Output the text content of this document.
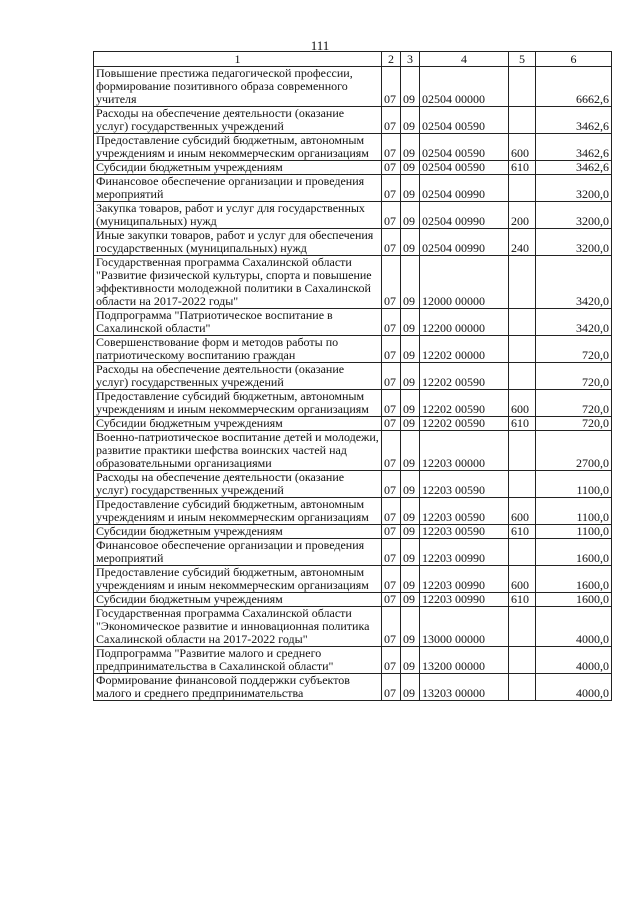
111
1	2	3	4	5	6
Повышение престижа педагогической профессии, формирование позитивного образа современного учителя	07	09	02504 00000		6662,6
Расходы на обеспечение деятельности (оказание услуг) государственных учреждений	07	09	02504 00590		3462,6
Предоставление субсидий бюджетным, автономным учреждениям и иным некоммерческим организациям	07	09	02504 00590	600	3462,6
Субсидии бюджетным учреждениям	07	09	02504 00590	610	3462,6
Финансовое обеспечение организации и проведения мероприятий	07	09	02504 00990		3200,0
Закупка товаров, работ и услуг для государственных (муниципальных) нужд	07	09	02504 00990	200	3200,0
Иные закупки товаров, работ и услуг для обеспечения государственных (муниципальных) нужд	07	09	02504 00990	240	3200,0
Государственная программа Сахалинской области "Развитие физической культуры, спорта и повышение эффективности молодежной политики в Сахалинской области на 2017-2022 годы"	07	09	12000 00000		3420,0
Подпрограмма "Патриотическое воспитание в Сахалинской области"	07	09	12200 00000		3420,0
Совершенствование форм и методов работы по патриотическому воспитанию граждан	07	09	12202 00000		720,0
Расходы на обеспечение деятельности (оказание услуг) государственных учреждений	07	09	12202 00590		720,0
Предоставление субсидий бюджетным, автономным учреждениям и иным некоммерческим организациям	07	09	12202 00590	600	720,0
Субсидии бюджетным учреждениям	07	09	12202 00590	610	720,0
Военно-патриотическое воспитание детей и молодежи, развитие практики шефства воинских частей над образовательными организациями	07	09	12203 00000		2700,0
Расходы на обеспечение деятельности (оказание услуг) государственных учреждений	07	09	12203 00590		1100,0
Предоставление субсидий бюджетным, автономным учреждениям и иным некоммерческим организациям	07	09	12203 00590	600	1100,0
Субсидии бюджетным учреждениям	07	09	12203 00590	610	1100,0
Финансовое обеспечение организации и проведения мероприятий	07	09	12203 00990		1600,0
Предоставление субсидий бюджетным, автономным учреждениям и иным некоммерческим организациям	07	09	12203 00990	600	1600,0
Субсидии бюджетным учреждениям	07	09	12203 00990	610	1600,0
Государственная программа Сахалинской области "Экономическое развитие и инновационная политика Сахалинской области на 2017-2022 годы"	07	09	13000 00000		4000,0
Подпрограмма "Развитие малого и среднего предпринимательства в Сахалинской области"	07	09	13200 00000		4000,0
Формирование финансовой поддержки субъектов малого и среднего предпринимательства	07	09	13203 00000		4000,0
